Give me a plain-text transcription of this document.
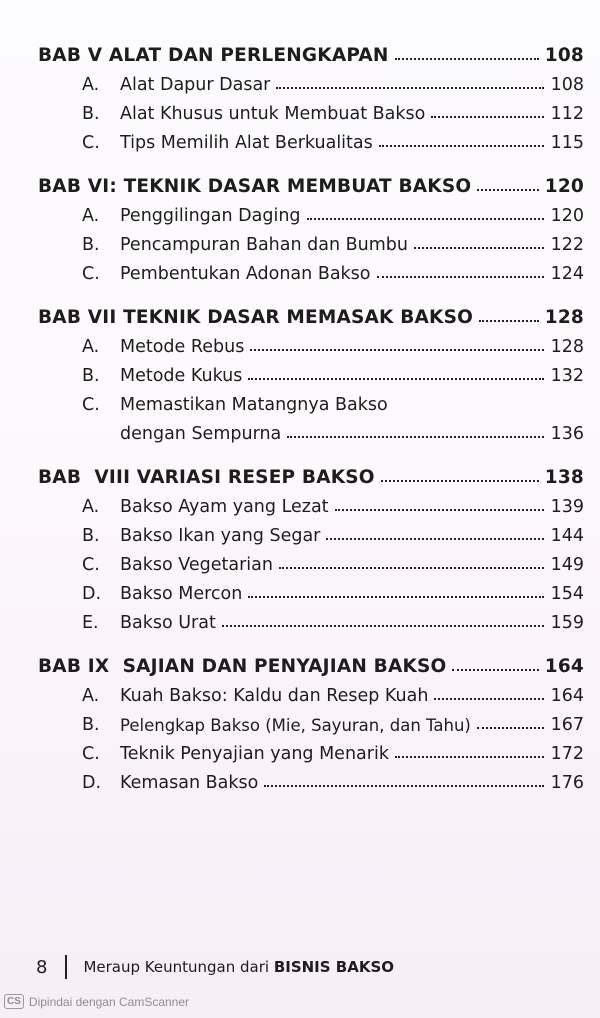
BAB V ALAT DAN PERLENGKAPAN	108
A.	Alat Dapur Dasar	108
B.	Alat Khusus untuk Membuat Bakso	112
C.	Tips Memilih Alat Berkualitas	115
BAB VI: TEKNIK DASAR MEMBUAT BAKSO	120
A.	Penggilingan Daging	120
B.	Pencampuran Bahan dan Bumbu	122
C.	Pembentukan Adonan Bakso	124
BAB VII TEKNIK DASAR MEMASAK BAKSO	128
A.	Metode Rebus	128
B.	Metode Kukus	132
C.	Memastikan Matangnya Bakso
dengan Sempurna	136
BAB  VIII VARIASI RESEP BAKSO	138
A.	Bakso Ayam yang Lezat	139
B.	Bakso Ikan yang Segar	144
C.	Bakso Vegetarian	149
D.	Bakso Mercon	154
E.	Bakso Urat	159
BAB IX  SAJIAN DAN PENYAJIAN BAKSO	164
A.	Kuah Bakso: Kaldu dan Resep Kuah	164
B.	Pelengkap Bakso (Mie, Sayuran, dan Tahu)	167
C.	Teknik Penyajian yang Menarik	172
D.	Kemasan Bakso	176
8 Meraup Keuntungan dari BISNIS BAKSO
CS Dipindai dengan CamScanner
